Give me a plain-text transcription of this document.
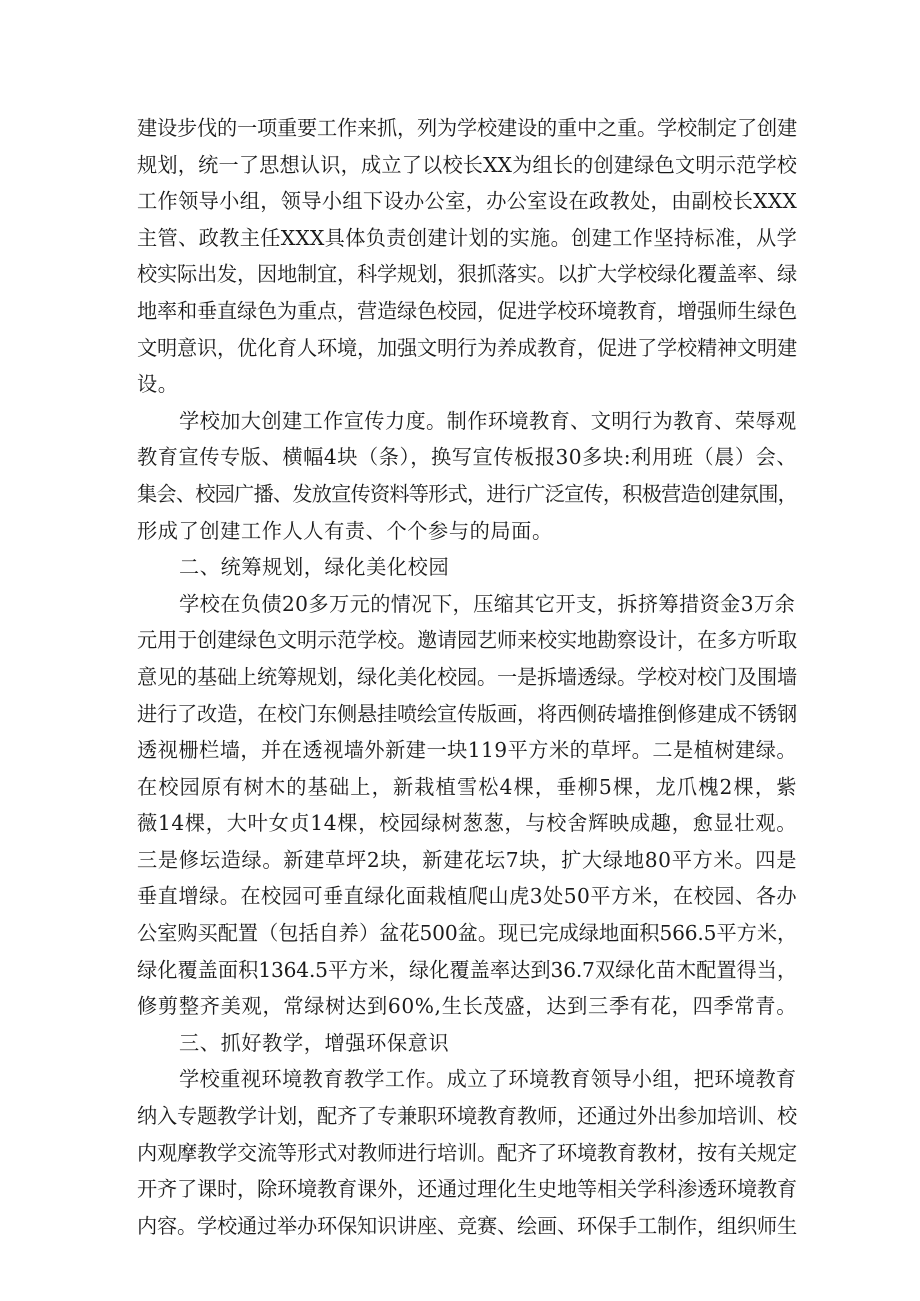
建设步伐的一项重要工作来抓，列为学校建设的重中之重。学校制定了创建
规划，统一了思想认识，成立了以校长XX为组长的创建绿色文明示范学校
工作领导小组，领导小组下设办公室，办公室设在政教处，由副校长XXX
主管、政教主任XXX具体负责创建计划的实施。创建工作坚持标准，从学
校实际出发，因地制宜，科学规划，狠抓落实。以扩大学校绿化覆盖率、绿
地率和垂直绿色为重点，营造绿色校园，促进学校环境教育，增强师生绿色
文明意识，优化育人环境，加强文明行为养成教育，促进了学校精神文明建
设。
学校加大创建工作宣传力度。制作环境教育、文明行为教育、荣辱观
教育宣传专版、横幅4块（条），换写宣传板报30多块:利用班（晨）会、
集会、校园广播、发放宣传资料等形式，进行广泛宣传，积极营造创建氛围，
形成了创建工作人人有责、个个参与的局面。
二、统筹规划，绿化美化校园
学校在负债20多万元的情况下，压缩其它开支，拆挤筹措资金3万余
元用于创建绿色文明示范学校。邀请园艺师来校实地勘察设计，在多方听取
意见的基础上统筹规划，绿化美化校园。一是拆墙透绿。学校对校门及围墙
进行了改造，在校门东侧悬挂喷绘宣传版画，将西侧砖墙推倒修建成不锈钢
透视栅栏墙，并在透视墙外新建一块119平方米的草坪。二是植树建绿。
在校园原有树木的基础上，新栽植雪松4棵，垂柳5棵，龙爪槐2棵，紫
薇14棵，大叶女贞14棵，校园绿树葱葱，与校舍辉映成趣，愈显壮观。
三是修坛造绿。新建草坪2块，新建花坛7块，扩大绿地80平方米。四是
垂直增绿。在校园可垂直绿化面栽植爬山虎3处50平方米，在校园、各办
公室购买配置（包括自养）盆花500盆。现已完成绿地面积566.5平方米，
绿化覆盖面积1364.5平方米，绿化覆盖率达到36.7双绿化苗木配置得当，
修剪整齐美观，常绿树达到60%,生长茂盛，达到三季有花，四季常青。
三、抓好教学，增强环保意识
学校重视环境教育教学工作。成立了环境教育领导小组，把环境教育
纳入专题教学计划，配齐了专兼职环境教育教师，还通过外出参加培训、校
内观摩教学交流等形式对教师进行培训。配齐了环境教育教材，按有关规定
开齐了课时，除环境教育课外，还通过理化生史地等相关学科渗透环境教育
内容。学校通过举办环保知识讲座、竞赛、绘画、环保手工制作，组织师生
